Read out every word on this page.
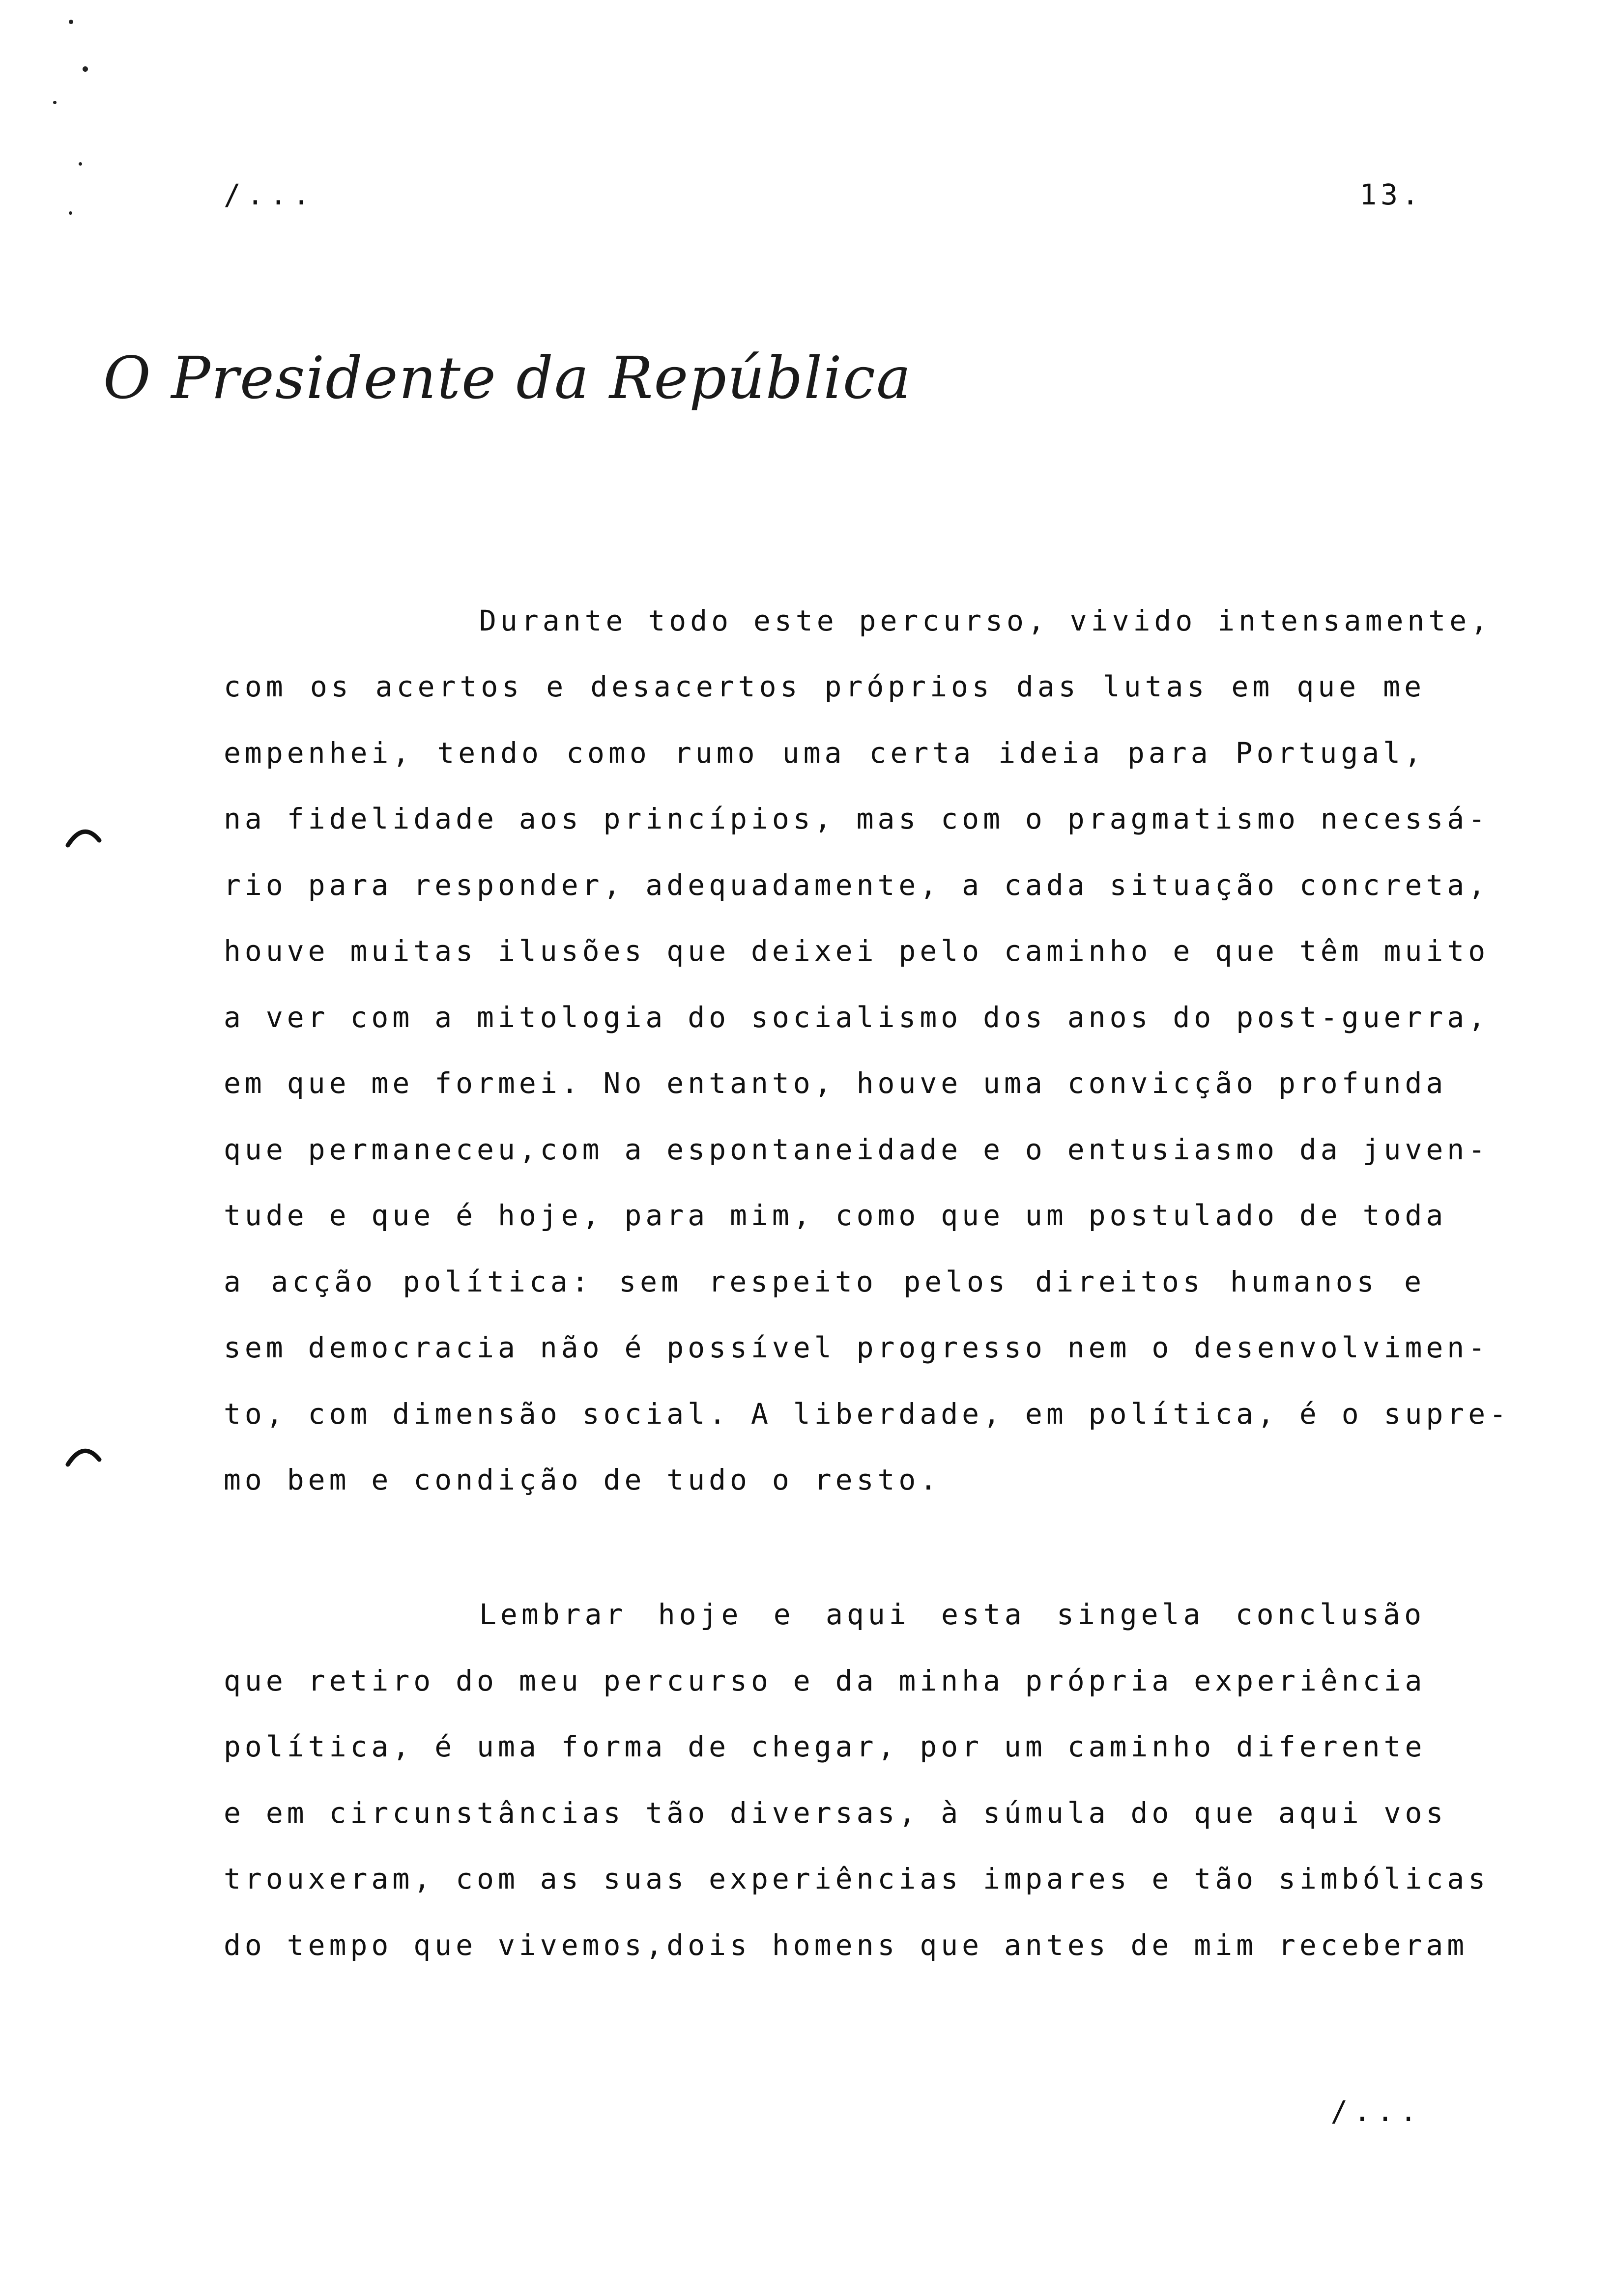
/...	13.
O Presidente da República
Durante todo este percurso, vivido intensamente,
com os acertos e desacertos próprios das lutas em que me
empenhei, tendo como rumo uma certa ideia para Portugal,
na fidelidade aos princípios, mas com o pragmatismo necessá-
rio para responder, adequadamente, a cada situação concreta,
houve muitas ilusões que deixei pelo caminho e que têm muito
a ver com a mitologia do socialismo dos anos do post-guerra,
em que me formei. No entanto, houve uma convicção profunda
que permaneceu,com a espontaneidade e o entusiasmo da juven-
tude e que é hoje, para mim, como que um postulado de toda
a acção política: sem respeito pelos direitos humanos e
sem democracia não é possível progresso nem o desenvolvimen-
to, com dimensão social. A liberdade, em política, é o supre-
mo bem e condição de tudo o resto.
Lembrar hoje e aqui esta singela conclusão
que retiro do meu percurso e da minha própria experiência
política, é uma forma de chegar, por um caminho diferente
e em circunstâncias tão diversas, à súmula do que aqui vos
trouxeram, com as suas experiências impares e tão simbólicas
do tempo que vivemos,dois homens que antes de mim receberam
/...
